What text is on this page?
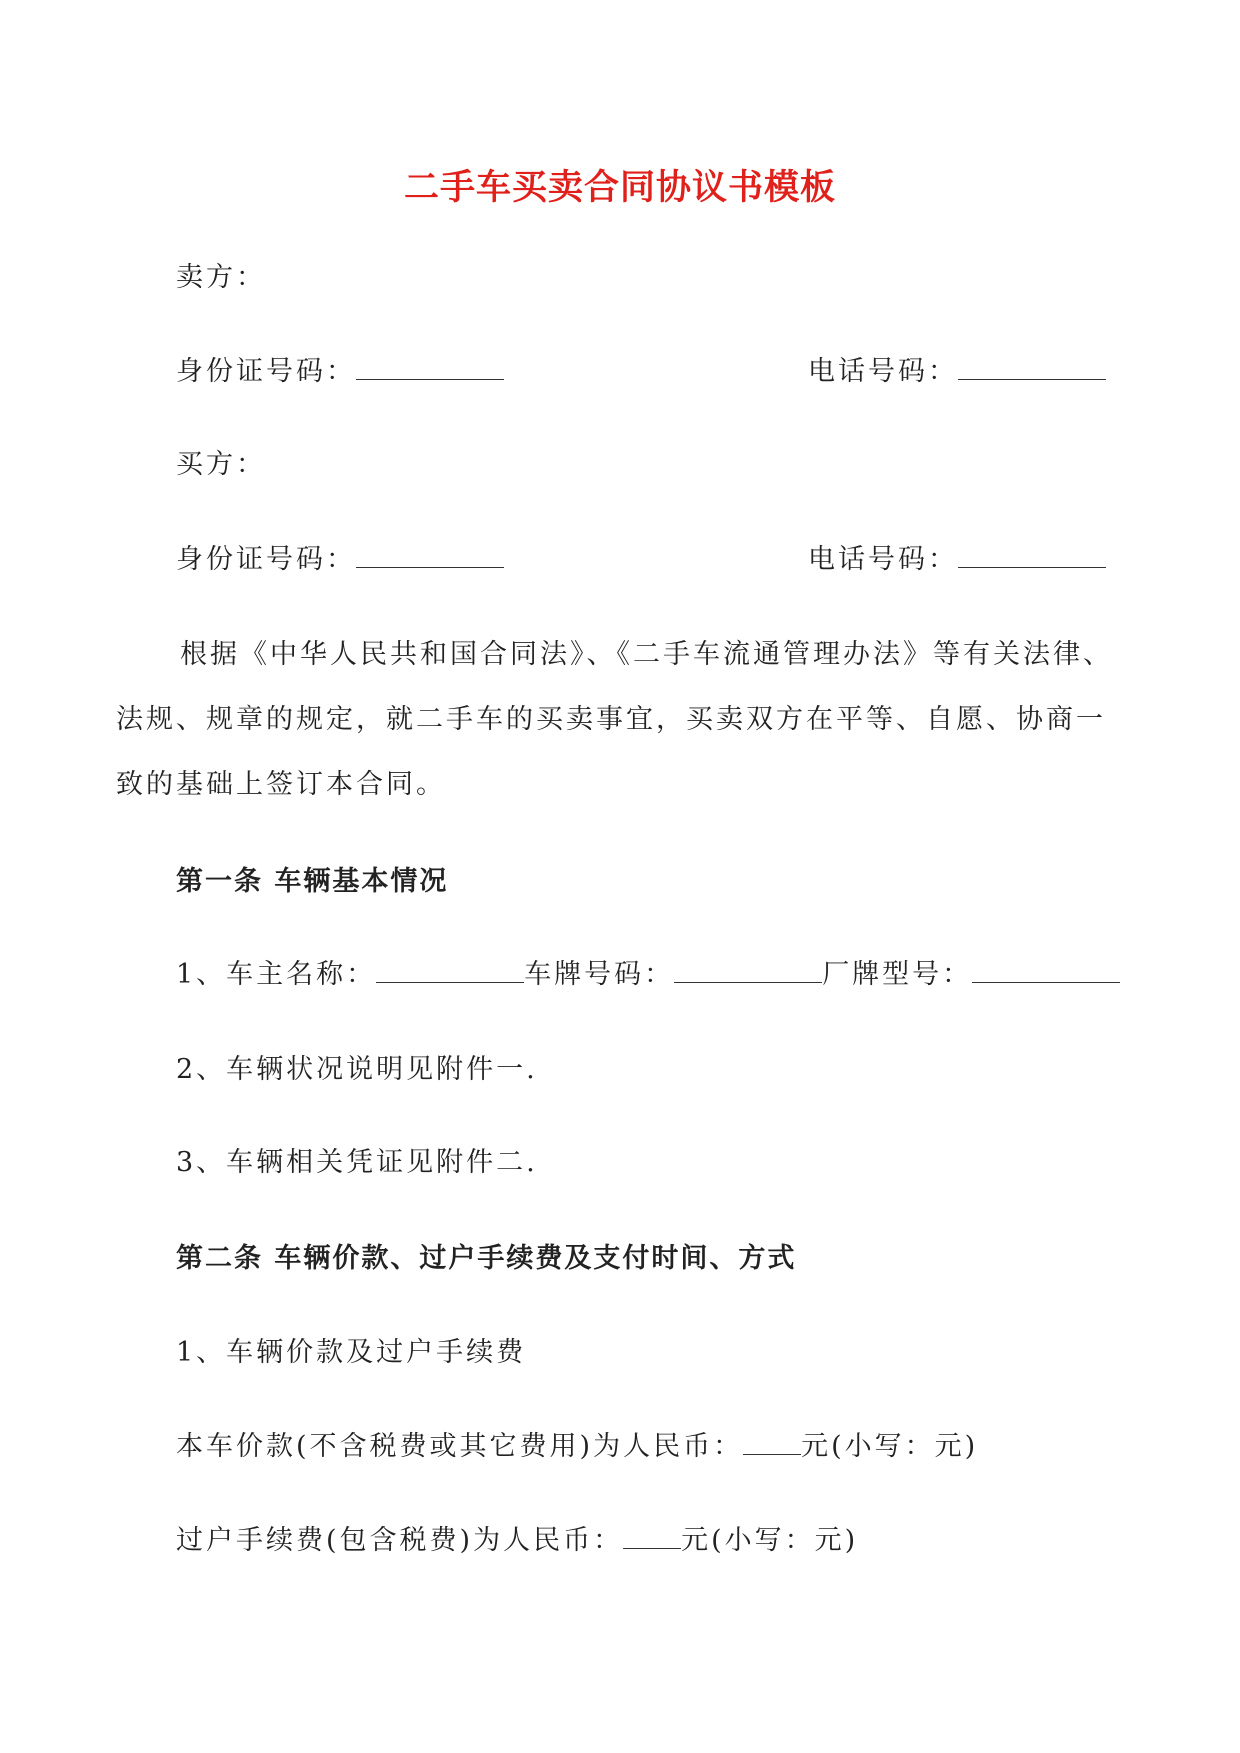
二手车买卖合同协议书模板
卖方：
身份证号码：	电话号码：
买方：
身份证号码：	电话号码：
根据《中华人民共和国合同法》、《二手车流通管理办法》等有关法律、法规、规章的规定，就二手车的买卖事宜，买卖双方在平等、自愿、协商一致的基础上签订本合同。
第一条 车辆基本情况
1、车主名称：	车牌号码：	厂牌型号：
2、车辆状况说明见附件一.
3、车辆相关凭证见附件二.
第二条 车辆价款、过户手续费及支付时间、方式
1、车辆价款及过户手续费
本车价款(不含税费或其它费用)为人民币： 元(小写：元)
过户手续费(包含税费)为人民币： 元(小写：元)
